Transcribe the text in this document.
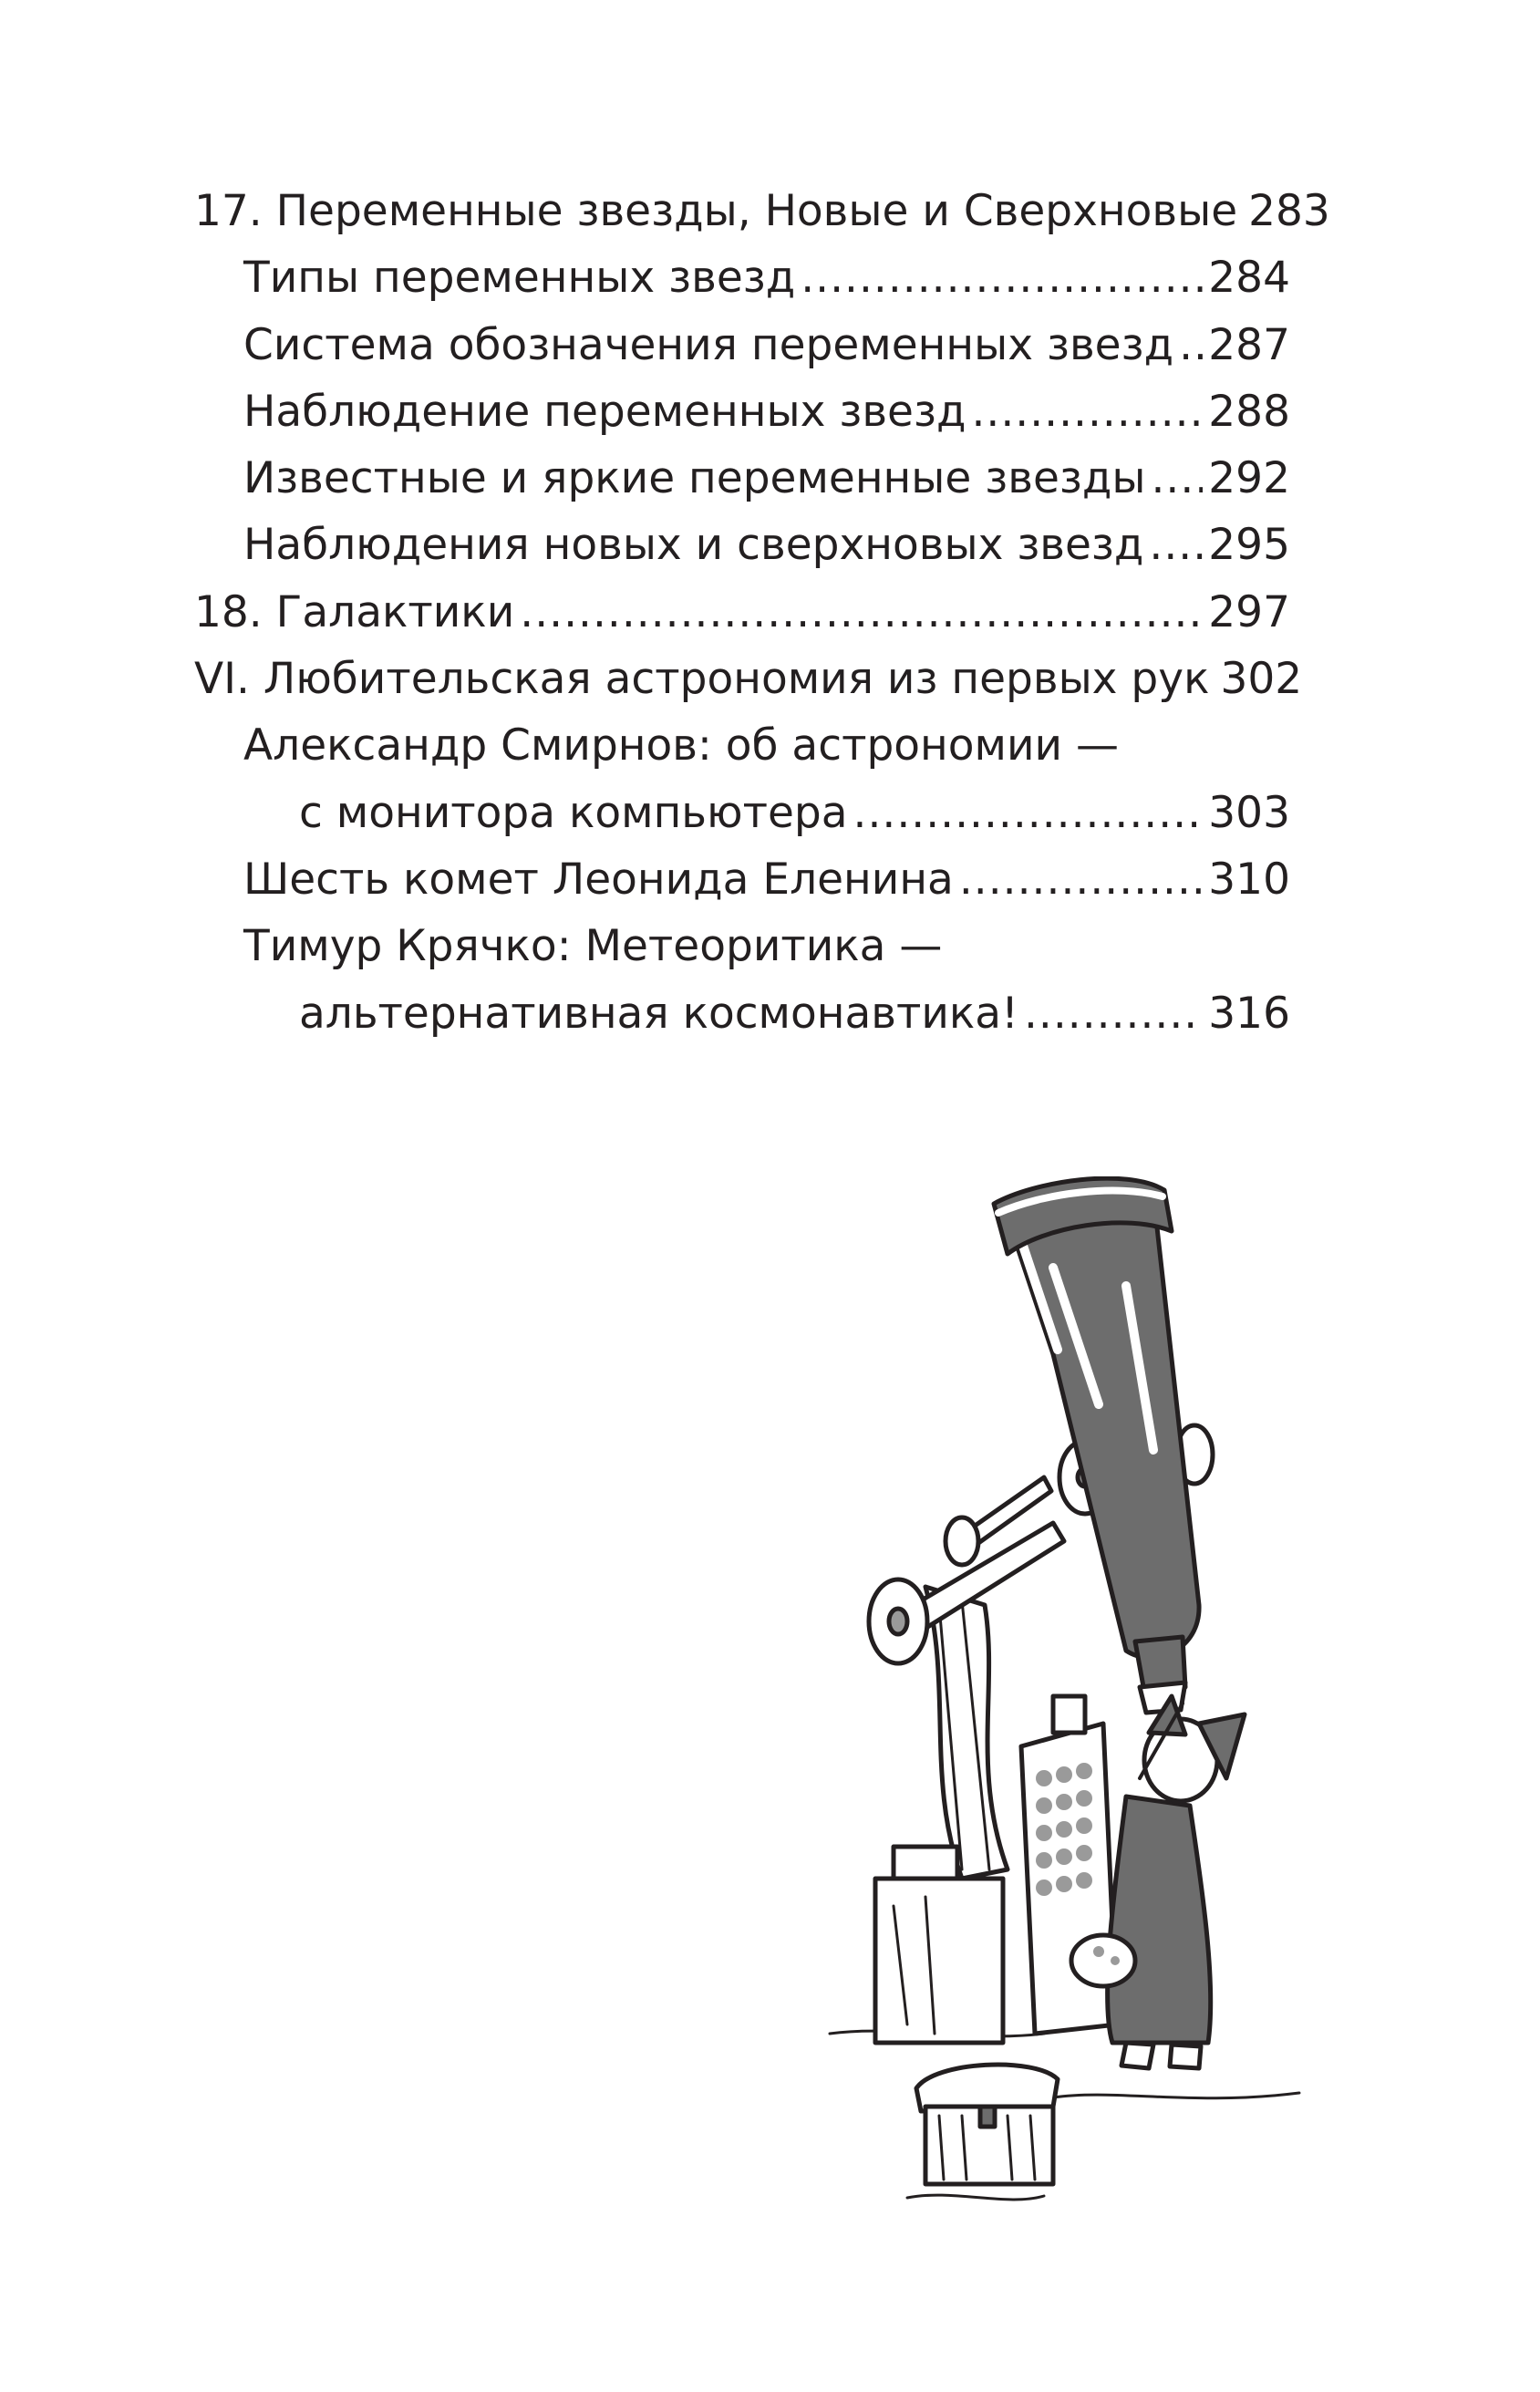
17. Переменные звезды, Новые и Сверхновые 283
Типы переменных звезд .....	284
Система обозначения переменных звезд ..... 287
Наблюдение переменных звезд .....	288
Известные и яркие переменные звезды ..... 292
Наблюдения новых и сверхновых звезд ..... 295
18. Галактики .....	297
VI. Любительская астрономия из первых рук 302
Александр Смирнов: об астрономии —
с монитора компьютера .....	303
Шесть комет Леонида Еленина .....	310
Тимур Крячко: Метеоритика —
альтернативная космонавтика! .....	316
